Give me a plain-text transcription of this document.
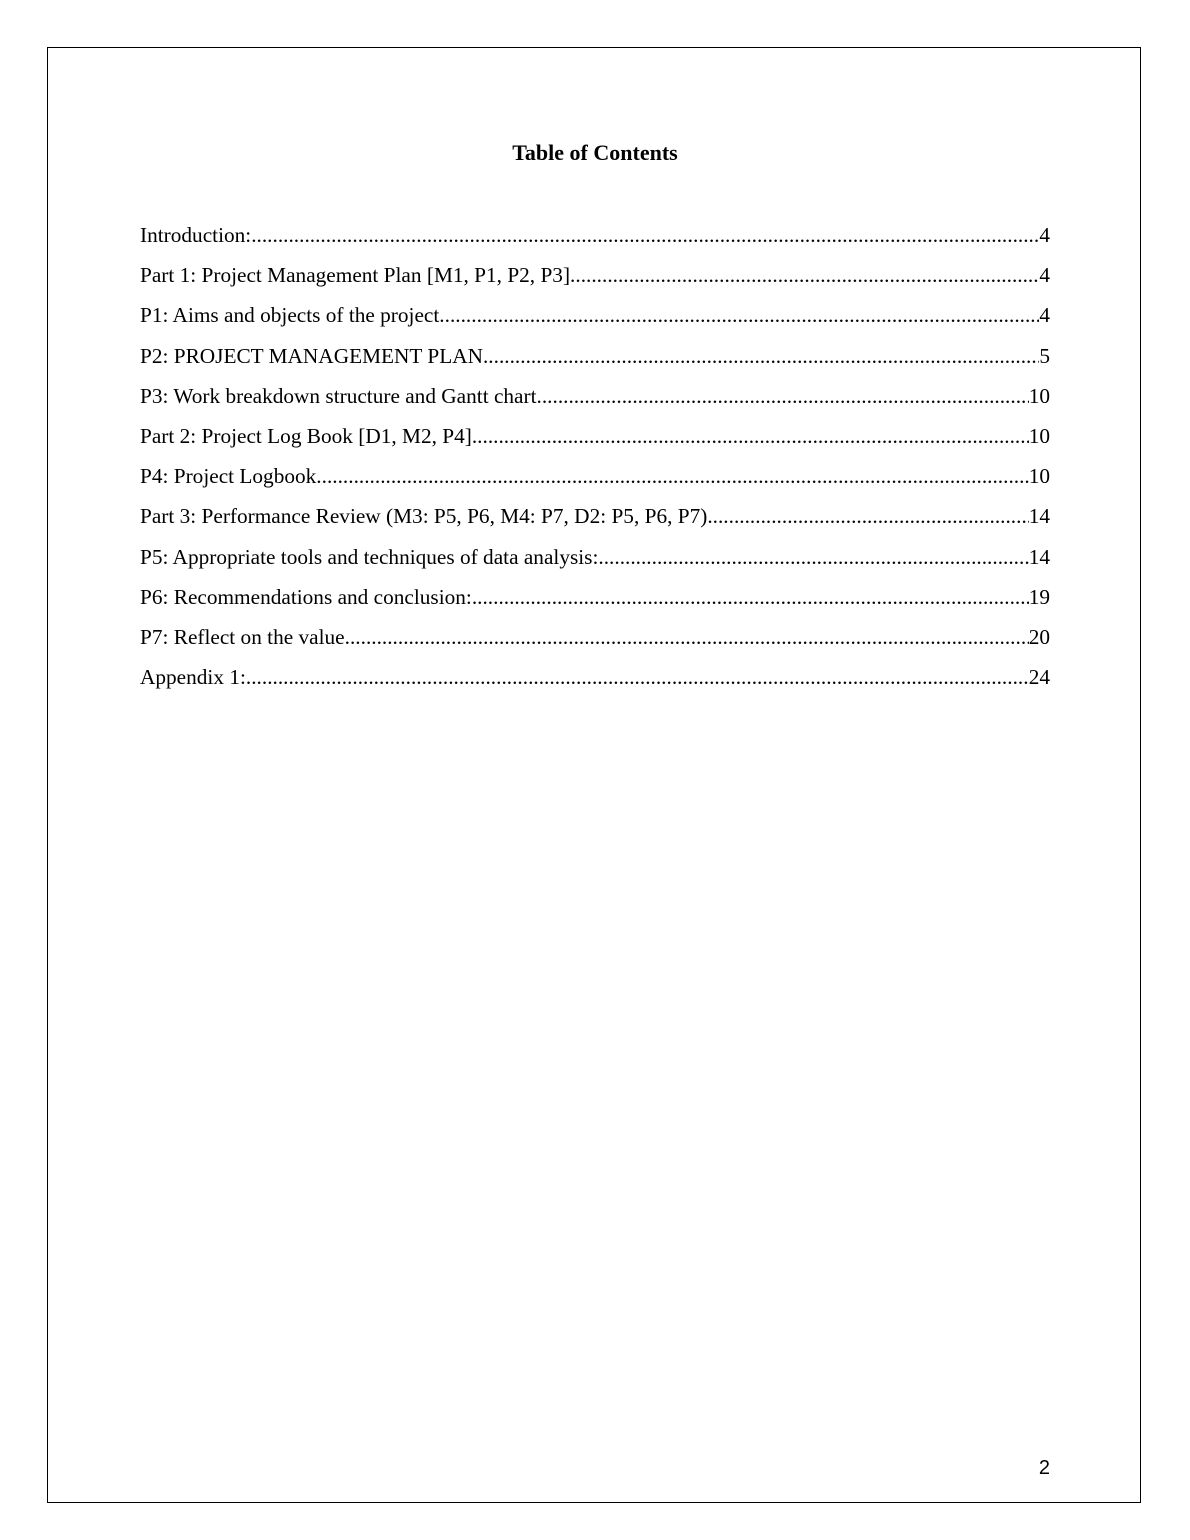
Table of Contents
Introduction: .....	4
Part 1: Project Management Plan [M1, P1, P2, P3] .....	4
P1: Aims and objects of the project .....	4
P2: PROJECT MANAGEMENT PLAN .....	5
P3: Work breakdown structure and Gantt chart .....	10
Part 2: Project Log Book [D1, M2, P4] .....	10
P4: Project Logbook .....	10
Part 3: Performance Review (M3: P5, P6, M4: P7, D2: P5, P6, P7) .....	14
P5: Appropriate tools and techniques of data analysis: .....	14
P6: Recommendations and conclusion: .....	19
P7: Reflect on the value .....	20
Appendix 1: .....	24
2
